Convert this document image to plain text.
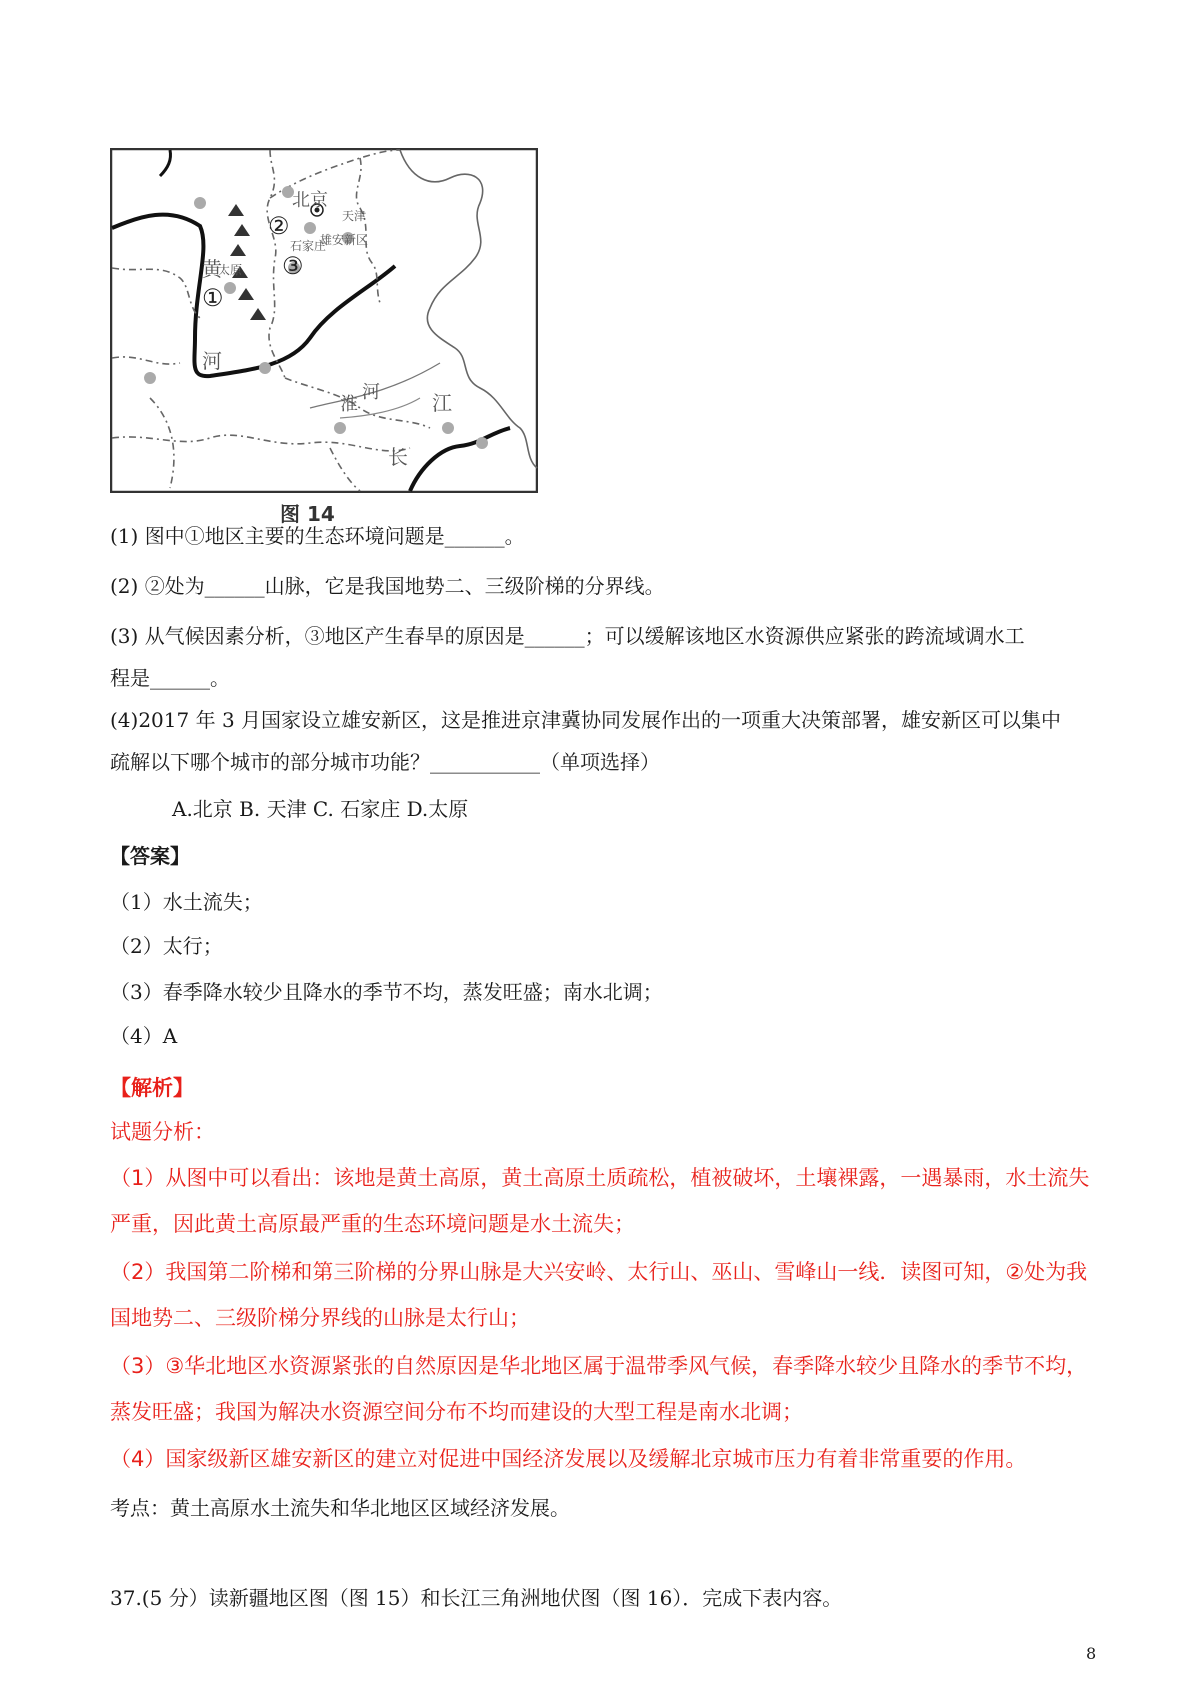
北京
天津
雄安新区
石家庄
太原
黄
河
淮
河	江
长
①
②
③
图 14
(1) 图中①地区主要的生态环境问题是______。
(2) ②处为______山脉，它是我国地势二、三级阶梯的分界线。
(3) 从气候因素分析，③地区产生春旱的原因是______；可以缓解该地区水资源供应紧张的跨流域调水工
程是______。
(4)2017 年 3 月国家设立雄安新区，这是推进京津冀协同发展作出的一项重大决策部署，雄安新区可以集中
疏解以下哪个城市的部分城市功能？___________（单项选择）
A.北京 B. 天津 C. 石家庄 D.太原
【答案】
（1）水土流失；
（2）太行；
（3）春季降水较少且降水的季节不均，蒸发旺盛；南水北调；
（4）A
【解析】
试题分析：
（1）从图中可以看出：该地是黄土高原，黄土高原土质疏松，植被破坏，土壤裸露，一遇暴雨，水土流失
严重，因此黄土高原最严重的生态环境问题是水土流失；
（2）我国第二阶梯和第三阶梯的分界山脉是大兴安岭、太行山、巫山、雪峰山一线．读图可知，②处为我
国地势二、三级阶梯分界线的山脉是太行山；
（3）③华北地区水资源紧张的自然原因是华北地区属于温带季风气候，春季降水较少且降水的季节不均，
蒸发旺盛；我国为解决水资源空间分布不均而建设的大型工程是南水北调；
（4）国家级新区雄安新区的建立对促进中国经济发展以及缓解北京城市压力有着非常重要的作用。
考点：黄土高原水土流失和华北地区区域经济发展。
37.(5 分）读新疆地区图（图 15）和长江三角洲地伏图（图 16）．完成下表内容。
8
